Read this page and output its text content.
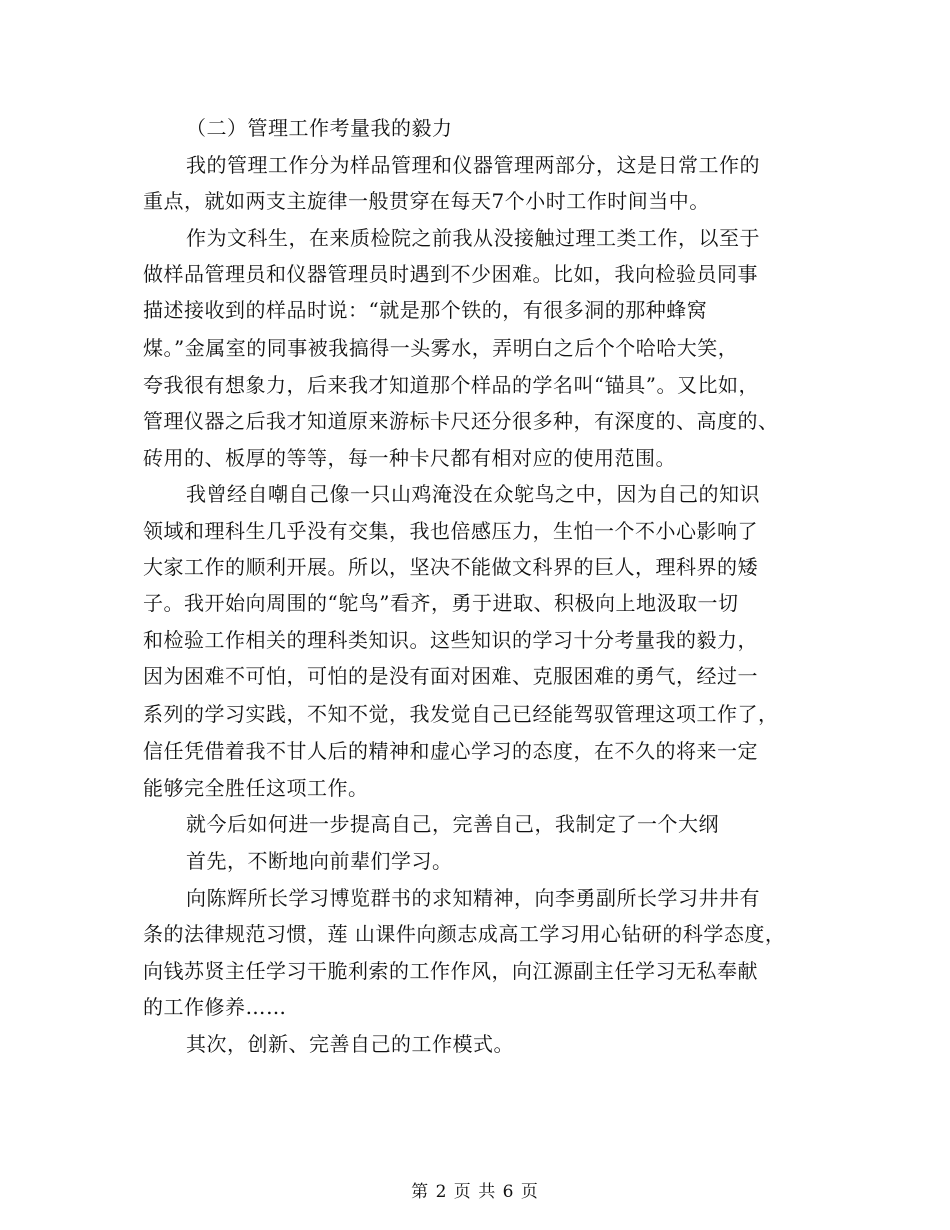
（二）管理工作考量我的毅力
我的管理工作分为样品管理和仪器管理两部分，这是日常工作的
重点，就如两支主旋律一般贯穿在每天7个小时工作时间当中。
作为文科生，在来质检院之前我从没接触过理工类工作，以至于
做样品管理员和仪器管理员时遇到不少困难。比如，我向检验员同事
描述接收到的样品时说：“就是那个铁的，有很多洞的那种蜂窝
煤。”金属室的同事被我搞得一头雾水，弄明白之后个个哈哈大笑，
夸我很有想象力，后来我才知道那个样品的学名叫“锚具”。又比如，
管理仪器之后我才知道原来游标卡尺还分很多种，有深度的、高度的、
砖用的、板厚的等等，每一种卡尺都有相对应的使用范围。
我曾经自嘲自己像一只山鸡淹没在众鸵鸟之中，因为自己的知识
领域和理科生几乎没有交集，我也倍感压力，生怕一个不小心影响了
大家工作的顺利开展。所以，坚决不能做文科界的巨人，理科界的矮
子。我开始向周围的“鸵鸟”看齐，勇于进取、积极向上地汲取一切
和检验工作相关的理科类知识。这些知识的学习十分考量我的毅力，
因为困难不可怕，可怕的是没有面对困难、克服困难的勇气，经过一
系列的学习实践，不知不觉，我发觉自己已经能驾驭管理这项工作了，
信任凭借着我不甘人后的精神和虚心学习的态度，在不久的将来一定
能够完全胜任这项工作。
就今后如何进一步提高自己，完善自己，我制定了一个大纲
首先，不断地向前辈们学习。
向陈辉所长学习博览群书的求知精神，向李勇副所长学习井井有
条的法律规范习惯，莲 山课件向颜志成高工学习用心钻研的科学态度，
向钱苏贤主任学习干脆利索的工作作风，向江源副主任学习无私奉献
的工作修养……
其次，创新、完善自己的工作模式。
第 2 页 共 6 页
